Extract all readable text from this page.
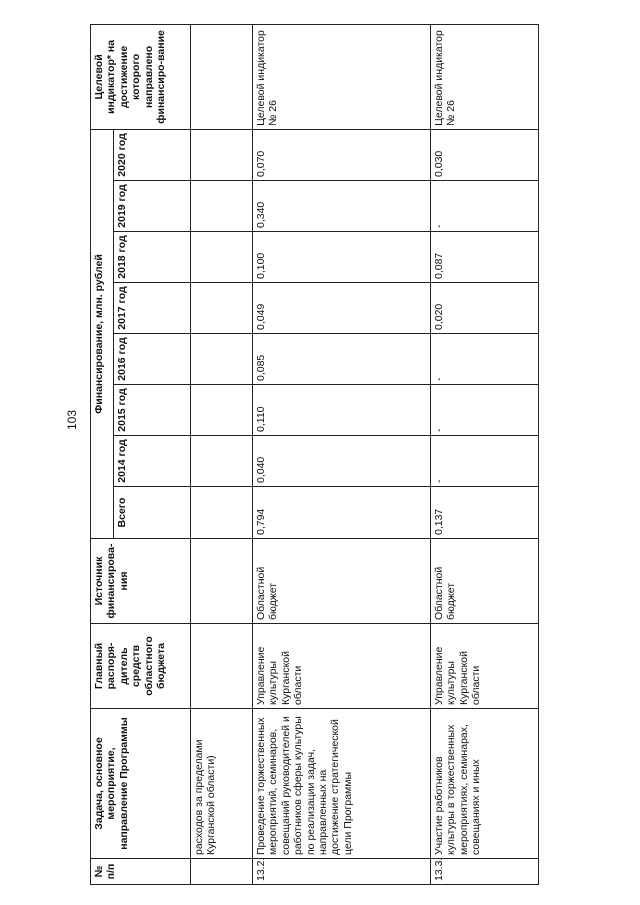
103
№ п/п	Задача, основное мероприятие, направление Программы	Главный распоря-дитель средств областного бюджета	Источник финансирова-ния	Финансирование, млн. рублей								Целевой индикатор* на достижение которого направлено финансиро-вание
				Всего	2014 год	2015 год	2016 год	2017 год	2018 год	2019 год	2020 год	
	расходов за пределами Курганской области)											
13.2.	Проведение торжественных мероприятий, семинаров, совещаний руководителей и работников сферы культуры по реализации задач, направленных на достижение стратегической цели Программы	Управление культуры Курганской области	Областной бюджет	0,794	0,040	0,110	0,085	0,049	0,100	0,340	0,070	Целевой индикатор № 26
13.3.	Участие работников культуры в торжественных мероприятиях, семинарах, совещаниях и иных	Управление культуры Курганской области	Областной бюджет	0,137	-	-	-	0,020	0,087	-	0,030	Целевой индикатор № 26
